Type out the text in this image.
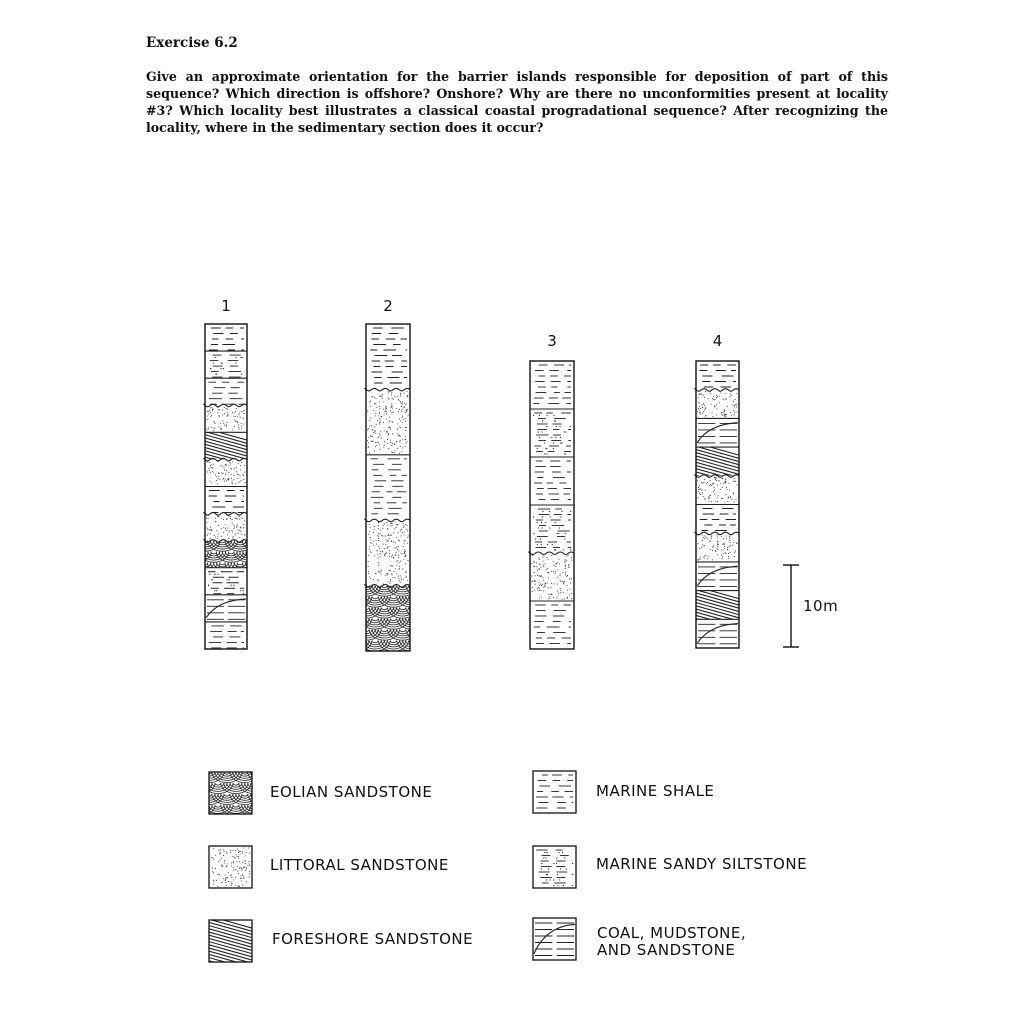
Exercise 6.2

Give an approximate orientation for the barrier islands responsible for deposition of part of this sequence? Which direction is offshore? Onshore? Why are there no unconformities present at locality #3? Which locality best illustrates a classical coastal progradational sequence? After recognizing the locality, where in the sedimentary section does it occur?

1	2
3	4
10m
EOLIAN SANDSTONE	MARINE SHALE
LITTORAL SANDSTONE	MARINE SANDY SILTSTONE
FORESHORE SANDSTONE	COAL, MUDSTONE,
AND SANDSTONE
